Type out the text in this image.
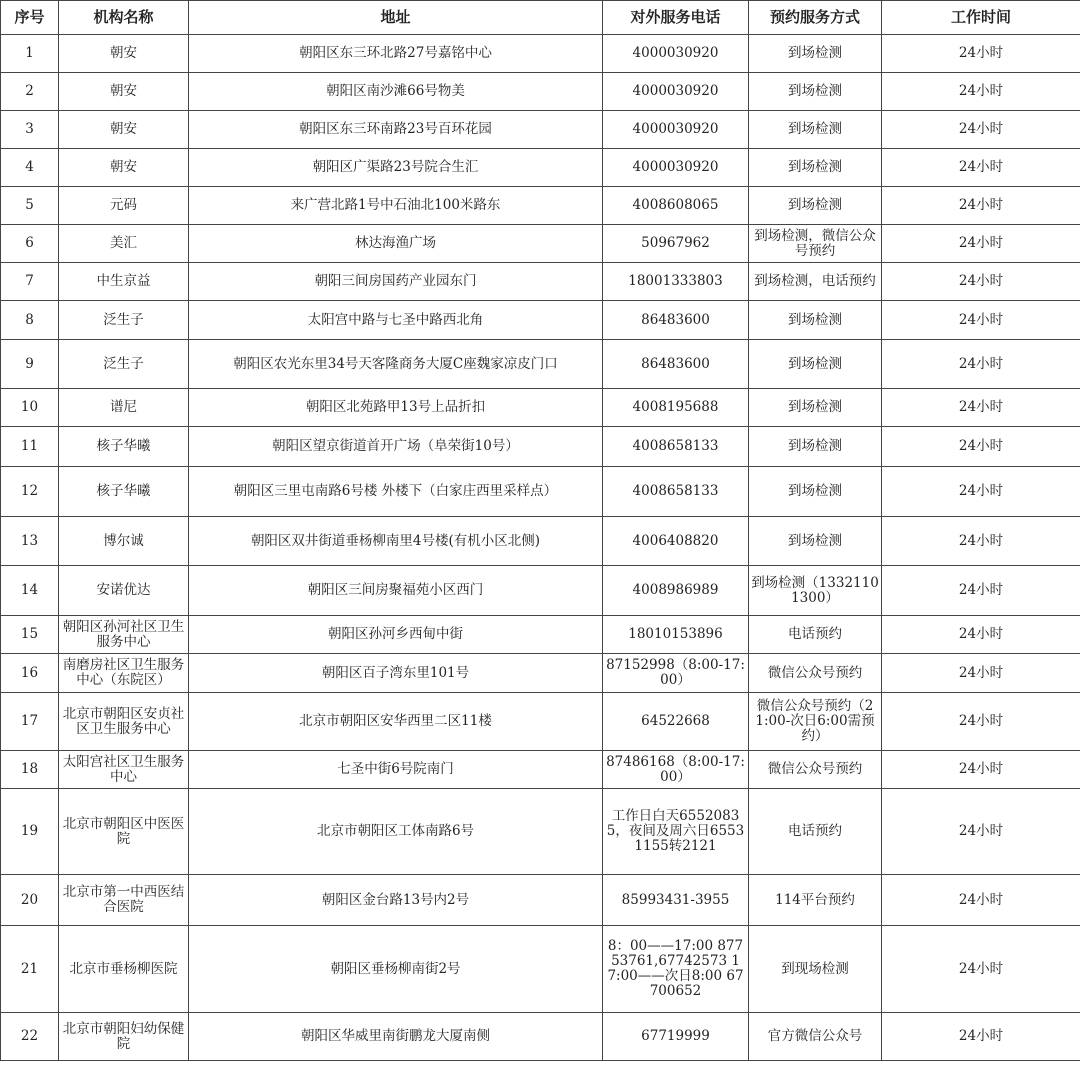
序号	机构名称	地址	对外服务电话	预约服务方式	工作时间
1	朝安	朝阳区东三环北路27号嘉铭中心	4000030920	到场检测	24小时
2	朝安	朝阳区南沙滩66号物美	4000030920	到场检测	24小时
3	朝安	朝阳区东三环南路23号百环花园	4000030920	到场检测	24小时
4	朝安	朝阳区广渠路23号院合生汇	4000030920	到场检测	24小时
5	元码	来广营北路1号中石油北100米路东	4008608065	到场检测	24小时
6	美汇	林达海渔广场	50967962	到场检测，微信公众号预约	24小时
7	中生京益	朝阳三间房国药产业园东门	18001333803	到场检测，电话预约	24小时
8	泛生子	太阳宫中路与七圣中路西北角	86483600	到场检测	24小时
9	泛生子	朝阳区农光东里34号天客隆商务大厦C座魏家凉皮门口	86483600	到场检测	24小时
10	谱尼	朝阳区北苑路甲13号上品折扣	4008195688	到场检测	24小时
11	核子华曦	朝阳区望京街道首开广场（阜荣街10号）	4008658133	到场检测	24小时
12	核子华曦	朝阳区三里屯南路6号楼 外楼下（白家庄西里采样点）	4008658133	到场检测	24小时
13	博尔诚	朝阳区双井街道垂杨柳南里4号楼(有机小区北侧)	4006408820	到场检测	24小时
14	安诺优达	朝阳区三间房聚福苑小区西门	4008986989	到场检测（13321101300）	24小时
15	朝阳区孙河社区卫生服务中心	朝阳区孙河乡西甸中街	18010153896	电话预约	24小时
16	南磨房社区卫生服务中心（东院区）	朝阳区百子湾东里101号	87152998（8:00-17:00）	微信公众号预约	24小时
17	北京市朝阳区安贞社区卫生服务中心	北京市朝阳区安华西里二区11楼	64522668	微信公众号预约（21:00-次日6:00需预约）	24小时
18	太阳宫社区卫生服务中心	七圣中街6号院南门	87486168（8:00-17:00）	微信公众号预约	24小时
19	北京市朝阳区中医医院	北京市朝阳区工体南路6号	工作日白天65520835，夜间及周六日65531155转2121	电话预约	24小时
20	北京市第一中西医结合医院	朝阳区金台路13号内2号	85993431-3955	114平台预约	24小时
21	北京市垂杨柳医院	朝阳区垂杨柳南街2号	8：00——17:00 87753761,67742573 17:00——次日8:00 67700652	到现场检测	24小时
22	北京市朝阳妇幼保健院	朝阳区华威里南街鹏龙大厦南侧	67719999	官方微信公众号	24小时
